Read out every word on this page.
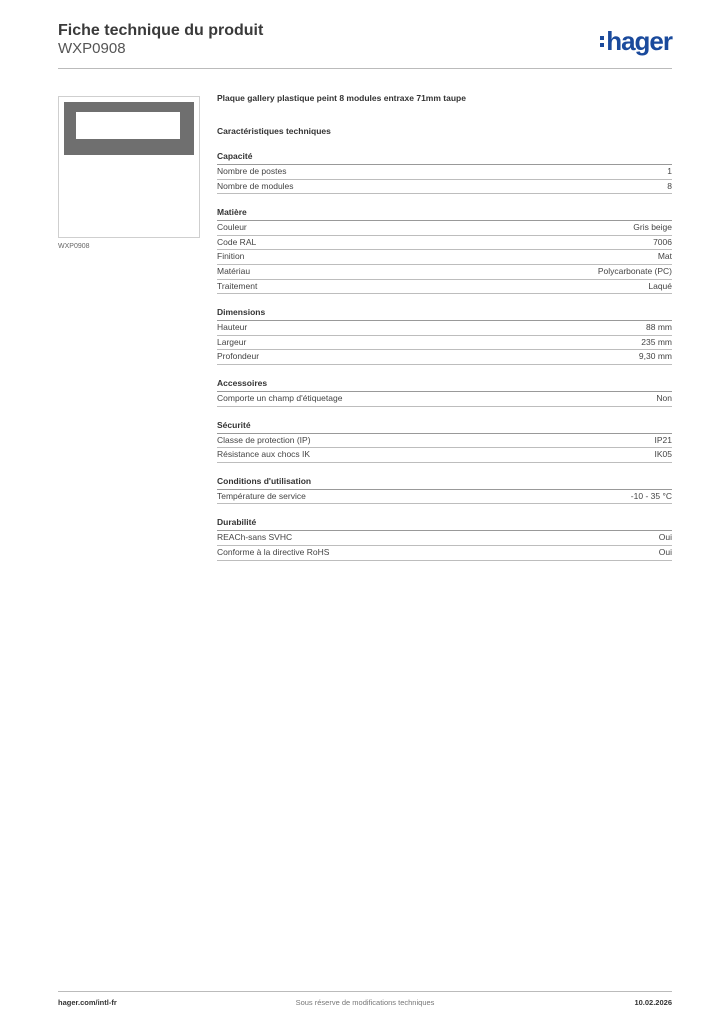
Fiche technique du produit
WXP0908	hager
WXP0908
Plaque gallery plastique peint 8 modules entraxe 71mm taupe
Caractéristiques techniques
Capacité
Nombre de postes	1
Nombre de modules	8
Matière
Couleur	Gris beige
Code RAL	7006
Finition	Mat
Matériau	Polycarbonate (PC)
Traitement	Laqué
Dimensions
Hauteur	88 mm
Largeur	235 mm
Profondeur	9,30 mm
Accessoires
Comporte un champ d'étiquetage	Non
Sécurité
Classe de protection (IP)	IP21
Résistance aux chocs IK	IK05
Conditions d'utilisation
Température de service	-10 - 35 °C
Durabilité
REACh-sans SVHC	Oui
Conforme à la directive RoHS	Oui
hager.com/intl-fr	Sous réserve de modifications techniques	10.02.2026
